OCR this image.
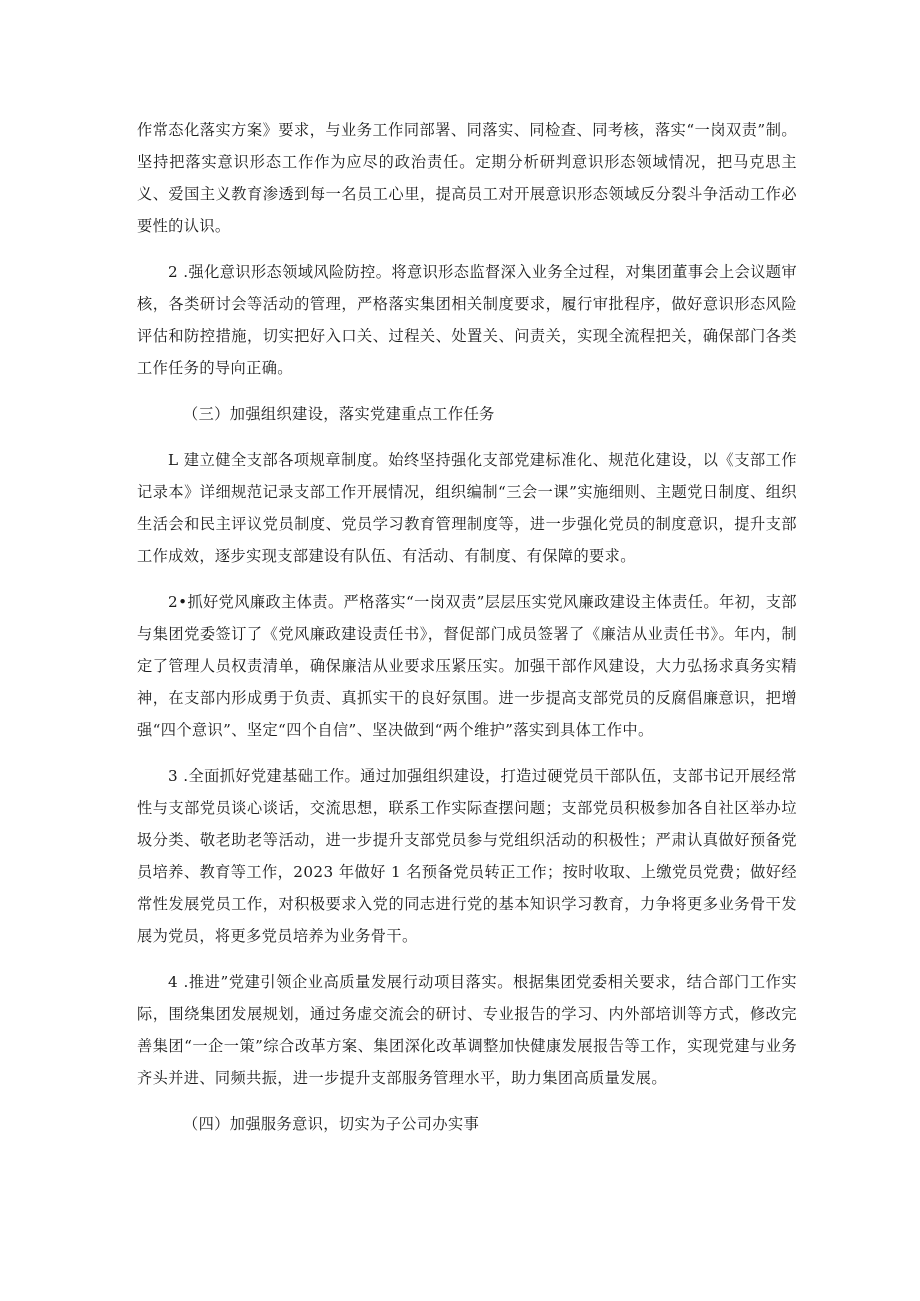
作常态化落实方案》要求，与业务工作同部署、同落实、同检查、同考核，落实“一岗双责”制。坚持把落实意识形态工作作为应尽的政治责任。定期分析研判意识形态领域情况，把马克思主义、爱国主义教育渗透到每一名员工心里，提高员工对开展意识形态领域反分裂斗争活动工作必要性的认识。

2 .强化意识形态领域风险防控。将意识形态监督深入业务全过程，对集团董事会上会议题审核，各类研讨会等活动的管理，严格落实集团相关制度要求，履行审批程序，做好意识形态风险评估和防控措施，切实把好入口关、过程关、处置关、问责关，实现全流程把关，确保部门各类工作任务的导向正确。

（三）加强组织建设，落实党建重点工作任务

L 建立健全支部各项规章制度。始终坚持强化支部党建标准化、规范化建设，以《支部工作记录本》详细规范记录支部工作开展情况，组织编制“三会一课”实施细则、主题党日制度、组织生活会和民主评议党员制度、党员学习教育管理制度等，进一步强化党员的制度意识，提升支部工作成效，逐步实现支部建设有队伍、有活动、有制度、有保障的要求。

2•抓好党风廉政主体责。严格落实“一岗双责”层层压实党风廉政建设主体责任。年初，支部与集团党委签订了《党风廉政建设责任书》，督促部门成员签署了《廉洁从业责任书》。年内，制定了管理人员权责清单，确保廉洁从业要求压紧压实。加强干部作风建设，大力弘扬求真务实精神，在支部内形成勇于负责、真抓实干的良好氛围。进一步提高支部党员的反腐倡廉意识，把增强“四个意识”、坚定“四个自信”、坚决做到“两个维护”落实到具体工作中。

3 .全面抓好党建基础工作。通过加强组织建设，打造过硬党员干部队伍，支部书记开展经常性与支部党员谈心谈话，交流思想，联系工作实际查摆问题；支部党员积极参加各自社区举办垃圾分类、敬老助老等活动，进一步提升支部党员参与党组织活动的积极性；严肃认真做好预备党员培养、教育等工作，2023 年做好 1 名预备党员转正工作；按时收取、上缴党员党费；做好经常性发展党员工作，对积极要求入党的同志进行党的基本知识学习教育，力争将更多业务骨干发展为党员，将更多党员培养为业务骨干。

4 .推进”党建引领企业高质量发展行动项目落实。根据集团党委相关要求，结合部门工作实际，围绕集团发展规划，通过务虚交流会的研讨、专业报告的学习、内外部培训等方式，修改完善集团“一企一策”综合改革方案、集团深化改革调整加快健康发展报告等工作，实现党建与业务齐头并进、同频共振，进一步提升支部服务管理水平，助力集团高质量发展。

（四）加强服务意识，切实为子公司办实事
